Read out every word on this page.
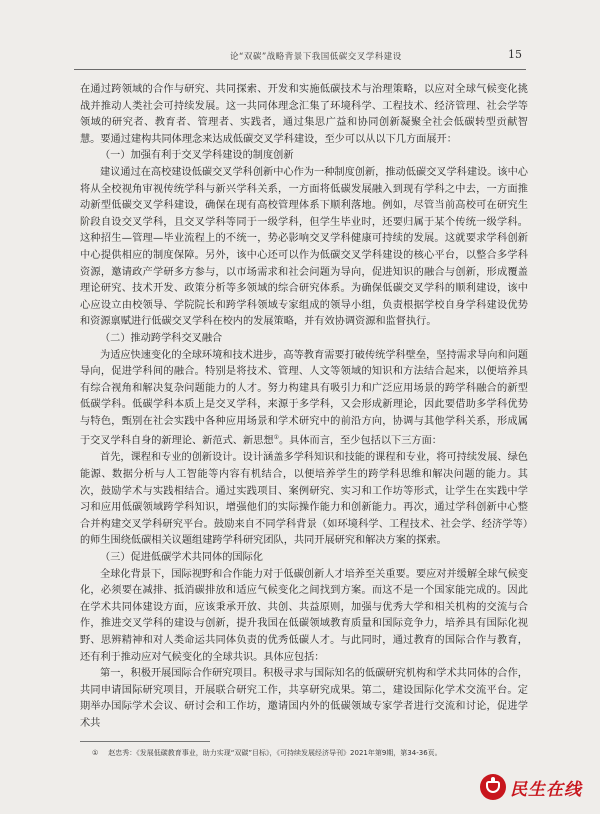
论“双碳”战略背景下我国低碳交叉学科建设	15

在通过跨领域的合作与研究、共同探索、开发和实施低碳技术与治理策略，以应对全球气候变化挑战并推动人类社会可持续发展。这一共同体理念汇集了环境科学、工程技术、经济管理、社会学等领域的研究者、教育者、管理者、实践者，通过集思广益和协同创新凝聚全社会低碳转型贡献智慧。要通过建构共同体理念来达成低碳交叉学科建设，至少可以从以下几方面展开：

（一）加强有利于交叉学科建设的制度创新

建议通过在高校建设低碳交叉学科创新中心作为一种制度创新，推动低碳交叉学科建设。该中心将从全校视角审视传统学科与新兴学科关系，一方面将低碳发展融入到现有学科之中去，一方面推动新型低碳交叉学科建设，确保在现有高校管理体系下顺利落地。例如，尽管当前高校可在研究生阶段自设交叉学科，且交叉学科等同于一级学科，但学生毕业时，还要归属于某个传统一级学科。这种招生—管理—毕业流程上的不统一，势必影响交叉学科健康可持续的发展。这就要求学科创新中心提供相应的制度保障。另外，该中心还可以作为低碳交叉学科建设的核心平台，以整合多学科资源，邀请政产学研多方参与，以市场需求和社会问题为导向，促进知识的融合与创新，形成覆盖理论研究、技术开发、政策分析等多领域的综合研究体系。为确保低碳交叉学科的顺利建设，该中心应设立由校领导、学院院长和跨学科领域专家组成的领导小组，负责根据学校自身学科建设优势和资源禀赋进行低碳交叉学科在校内的发展策略，并有效协调资源和监督执行。

（二）推动跨学科交叉融合

为适应快速变化的全球环境和技术进步，高等教育需要打破传统学科壁垒，坚持需求导向和问题导向，促进学科间的融合。特别是将技术、管理、人文等领域的知识和方法结合起来，以便培养具有综合视角和解决复杂问题能力的人才。努力构建具有吸引力和广泛应用场景的跨学科融合的新型低碳学科。低碳学科本质上是交叉学科，来源于多学科，又会形成新理论，因此要借助多学科优势与特色，甄别在社会实践中各种应用场景和学术研究中的前沿方向，协调与其他学科关系，形成属于交叉学科自身的新理论、新范式、新思想①。具体而言，至少包括以下三方面：

首先，课程和专业的创新设计。设计涵盖多学科知识和技能的课程和专业，将可持续发展、绿色能源、数据分析与人工智能等内容有机结合，以便培养学生的跨学科思维和解决问题的能力。其次，鼓励学术与实践相结合。通过实践项目、案例研究、实习和工作坊等形式，让学生在实践中学习和应用低碳领域跨学科知识，增强他们的实际操作能力和创新能力。再次，通过学科创新中心整合并构建交叉学科研究平台。鼓励来自不同学科背景（如环境科学、工程技术、社会学、经济学等）的师生围绕低碳相关议题组建跨学科研究团队，共同开展研究和解决方案的探索。

（三）促进低碳学术共同体的国际化

全球化背景下，国际视野和合作能力对于低碳创新人才培养至关重要。要应对并缓解全球气候变化，必须要在减排、抵消碳排放和适应气候变化之间找到方案。而这不是一个国家能完成的。因此在学术共同体建设方面，应该秉承开放、共创、共益原则，加强与优秀大学和相关机构的交流与合作，推进交叉学科的建设与创新，提升我国在低碳领域教育质量和国际竞争力，培养具有国际化视野、思辨精神和对人类命运共同体负责的优秀低碳人才。与此同时，通过教育的国际合作与教育，还有利于推动应对气候变化的全球共识。具体应包括：

第一，积极开展国际合作研究项目。积极寻求与国际知名的低碳研究机构和学术共同体的合作，共同申请国际研究项目，开展联合研究工作，共享研究成果。第二，建设国际化学术交流平台。定期举办国际学术会议、研讨会和工作坊，邀请国内外的低碳领域专家学者进行交流和讨论，促进学术共

① 赵忠秀：《发展低碳教育事业，助力实现“双碳”目标》，《可持续发展经济导刊》2021年第9期，第34-36页。
民生在线
